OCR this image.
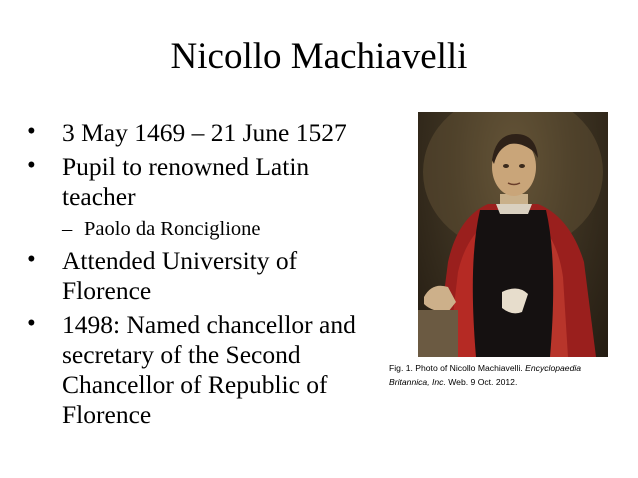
Nicollo Machiavelli
• 3 May 1469 – 21 June 1527
• Pupil to renowned Latin teacher
– Paolo da Ronciglione
• Attended University of Florence
• 1498: Named chancellor and secretary of the Second Chancellor of Republic of Florence
Fig. 1. Photo of Nicollo Machiavelli. Encyclopaedia Britannica, Inc. Web. 9 Oct. 2012.
